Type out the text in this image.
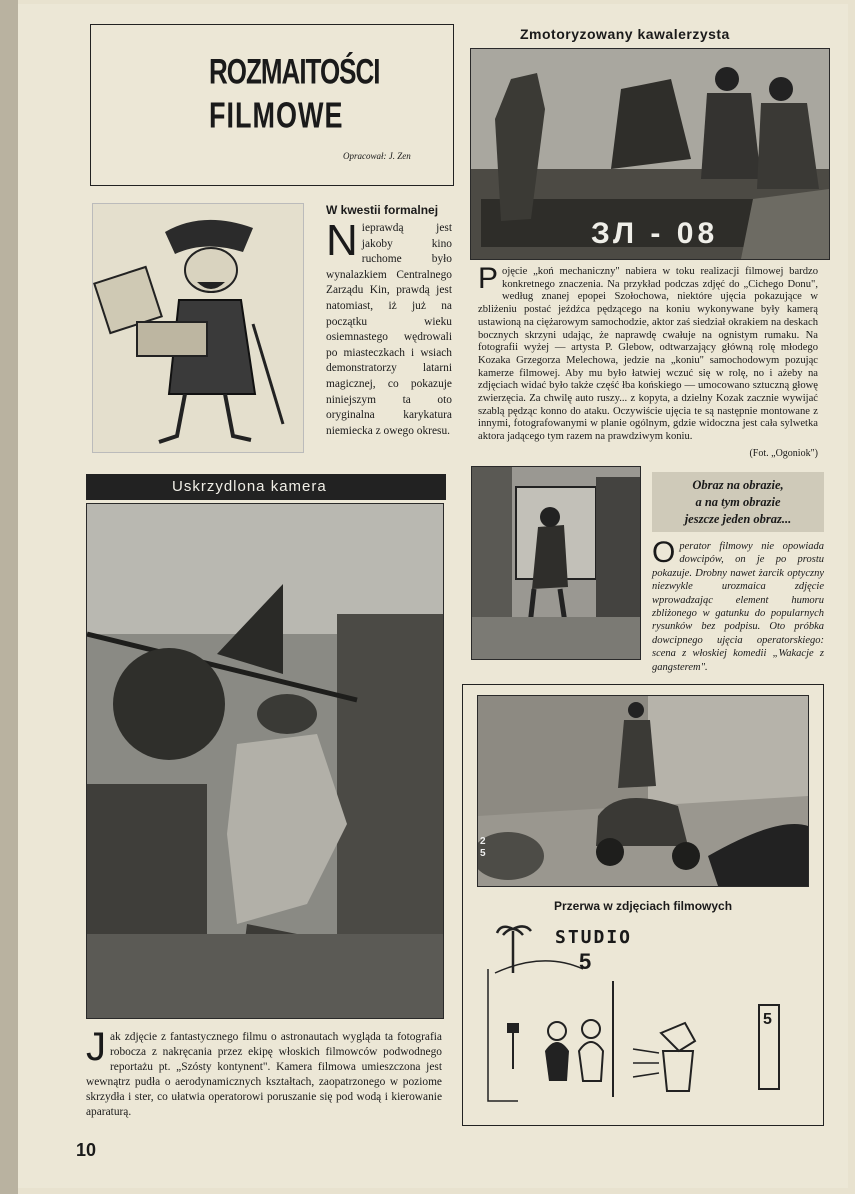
ROZMAITOŚCI
FILMOWE
Opracował: J. Zen
W kwestii formalnej

Nieprawdą jest jakoby kino ruchome było wynalazkiem Centralnego Zarządu Kin, prawdą jest natomiast, iż już na początku wieku osiemnastego wędrowali po miasteczkach i wsiach demonstratorzy latarni magicznej, co pokazuje niniejszym ta oto oryginalna karykatura niemiecka z owego okresu.

Zmotoryzowany kawalerzysta
ЗЛ - 08

Pojęcie „koń mechaniczny" nabiera w toku realizacji filmowej bardzo konkretnego znaczenia. Na przykład podczas zdjęć do „Cichego Donu", według znanej epopei Szołochowa, niektóre ujęcia pokazujące w zbliżeniu postać jeźdźca pędzącego na koniu wykonywane były kamerą ustawioną na ciężarowym samochodzie, aktor zaś siedział okrakiem na deskach bocznych skrzyni udając, że naprawdę cwałuje na ognistym rumaku. Na fotografii wyżej — artysta P. Glebow, odtwarzający główną rolę młodego Kozaka Grzegorza Melechowa, jedzie na „koniu" samochodowym pozując kamerze filmowej. Aby mu było łatwiej wczuć się w rolę, no i ażeby na zdjęciach widać było także część łba końskiego — umocowano sztuczną głowę zwierzęcia. Za chwilę auto ruszy... z kopyta, a dzielny Kozak zacznie wywijać szablą pędząc konno do ataku. Oczywiście ujęcia te są następnie montowane z innymi, fotografowanymi w planie ogólnym, gdzie widoczna jest cała sylwetka aktora jadącego tym razem na prawdziwym koniu.

(Fot. „Ogoniok")
Uskrzydlona kamera

Jak zdjęcie z fantastycznego filmu o astronautach wygląda ta fotografia robocza z nakręcania przez ekipę włoskich filmowców podwodnego reportażu pt. „Szósty kontynent". Kamera filmowa umieszczona jest wewnątrz pudła o aerodynamicznych kształtach, zaopatrzonego w poziome skrzydła i ster, co ułatwia operatorowi poruszanie się pod wodą i kierowanie aparaturą.

Obraz na obrazie,
a na tym obrazie
jeszcze jeden obraz...

Operator filmowy nie opowiada dowcipów, on je po prostu pokazuje. Drobny nawet żarcik optyczny niezwykle urozmaica zdjęcie wprowadzając element humoru zbliżonego w gatunku do popularnych rysunków bez podpisu. Oto próbka dowcipnego ujęcia operatorskiego: scena z włoskiej komedii „Wakacje z gangsterem".

2 5
Przerwa w zdjęciach filmowych
STUDIO
5
5
10
